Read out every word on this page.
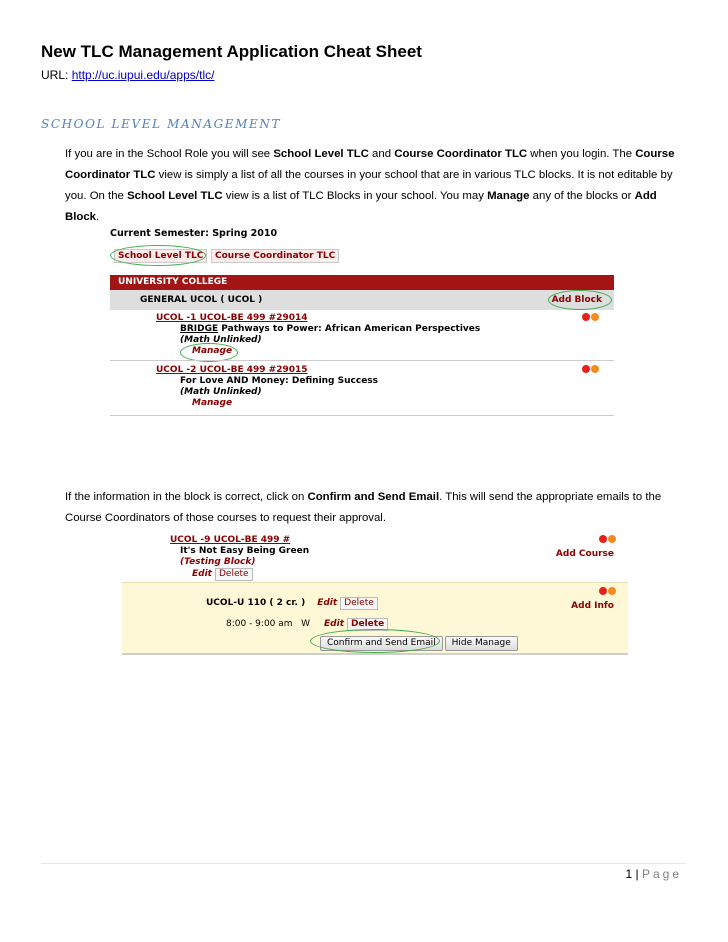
New TLC Management Application Cheat Sheet
URL: http://uc.iupui.edu/apps/tlc/
SCHOOL LEVEL MANAGEMENT
If you are in the School Role you will see School Level TLC and Course Coordinator TLC when you login. The Course Coordinator TLC view is simply a list of all the courses in your school that are in various TLC blocks. It is not editable by you. On the School Level TLC view is a list of TLC Blocks in your school. You may Manage any of the blocks or Add Block.
Current Semester: Spring 2010
School Level TLC	Course Coordinator TLC
UNIVERSITY COLLEGE
GENERAL UCOL ( UCOL )	Add Block
UCOL -1 UCOL-BE 499 #29014
BRIDGE Pathways to Power: African American Perspectives
(Math Unlinked)
Manage
UCOL -2 UCOL-BE 499 #29015
For Love AND Money: Defining Success
(Math Unlinked)
Manage
If the information in the block is correct, click on Confirm and Send Email. This will send the appropriate emails to the Course Coordinators of those courses to request their approval.
UCOL -9 UCOL-BE 499 #
It's Not Easy Being Green
(Testing Block)
Edit Delete
Add Course
Add Info
UCOL-U 110 ( 2 cr. ) Edit Delete
8:00 - 9:00 am   W Edit Delete
Confirm and Send Email Hide Manage
1 | Page
